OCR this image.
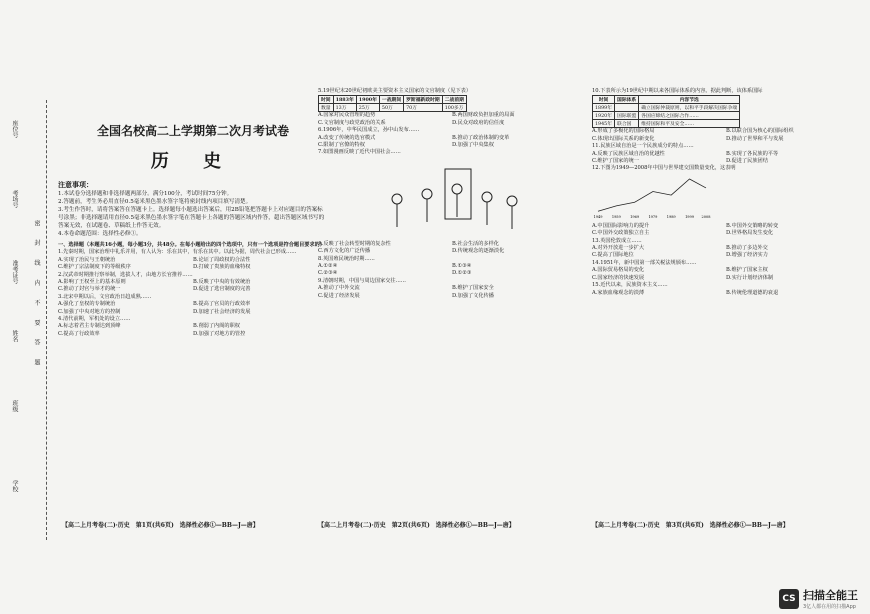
学校
班级
姓名
准考证号
考场号
座位号
密 封 线 内 不 要 答 题
全国名校高二上学期第二次月考试卷
历 史
注意事项：
1.本试卷分选择题和非选择题两部分。满分100分，考试时间75分钟。
2.答题前，考生务必用直径0.5毫米黑色墨水签字笔将密封线内项目填写清楚。
3.考生作答时，请将答案答在答题卡上。选择题每小题选出答案后，用2B铅笔把答题卡上对应题目的答案标号涂黑；非选择题请用直径0.5毫米黑色墨水签字笔在答题卡上各题的答题区域内作答，超出答题区域书写的答案无效，在试题卷、草稿纸上作答无效。
4.本卷命题范围：选择性必修①。

一、选择题（本题共16小题，每小题3分，共48分。在每小题给出的四个选项中，只有一个选项是符合题目要求的）

1.先秦时期，国家治理中礼乐并用，有人认为：乐在其中，有乐在其中。以此为据，周代社会已形成……

A.实现了治民与王朝统治	B.论证了周政权的合法性
C.维护了宗法制度下的等级秩序	D.打破了贵族的血缘特权

2.汉武帝时期推行察举制，选拔人才，由地方长官推荐……

A.影响了王权至上的基本原则	B.反映了中央的有效统治
C.推动了封官与举才的统一	D.促进了选官制度的完善

3.北宋中期以后，文官政治日趋成熟……

A.强化了皇权的专制统治	B.提高了官员的行政效率
C.加强了中央对地方的控制	D.加速了社会经济的发展

4.清代前期，军机处的设立……

A.标志着君主专制达到顶峰	B.削弱了内阁的职权
C.提高了行政效率	D.加强了对地方的管控

5.19世纪末20世纪初欧美主要资本主义国家的文官制度（见下表）

时间	1883年	1900年	一战期间	罗斯福新政时期	二战前期
数量	13万	25万	50万	70万	100多万
A.国家对民众管理的趋势	B.两国财政负担加重的局面
C.文官制度与政党政治的关系	D.民众对政府的信任度

6.1906年，中华民国成立，孙中山发布……

A.改变了传统的选官模式	B.推动了政治体制的变革
C.限制了官僚的特权	D.加强了中央集权

7.如图漫画反映了近代中国社会……

A.反映了社会转型时期的复杂性	B.社会生活的多样化
C.西方文化的广泛传播	D.传统观念的逐渐淡化

8.英国殖民统治时期……

A.①②④	B.①③④
C.②③④	D.①②③

9.清朝时期，中国与周边国家交往……

A.推动了中外交流	B.维护了国家安全
C.促进了经济发展	D.加强了文化传播

10.下表所示为19世纪中期以来各国际体系的内容。据此判断，该体系国际

时间	国际体系	内容节选
1899年		确立国际仲裁原则，以和平手段解决国际争端
1920年	国际联盟	各国应缔结之国际合作……
1945年	联合国	维持国际和平及安全……
A.形成了多极化的国际格局	B.以联合国为核心的国际组织
C.体现出国际关系的新变化	D.推动了世界和平与发展

11.民族区域自治是一个民族成分的特点……

A.反映了民族区域自治的优越性	B.实现了各民族的平等
C.维护了国家的统一	D.促进了民族团结

12.下图为1949—2008年中国与世界建交国数量变化，这表明

1949	1959	1969	1979	1989	1999 2008
A.中国国际影响力的提升	B.中国外交策略的转变
C.中国外交政策独立自主	D.世界格局发生变化

13.英国伦敦成立……

A.对外开放进一步扩大	B.推动了多边外交
C.提高了国际地位	D.增强了经济实力

14.1951年，新中国第一部关税法规颁布……

A.国际贸易格局的变化	B.维护了国家主权
C.国家经济的快速发展	D.实行计划经济体制

15.近代以来，民族资本主义……

A.家族血缘观念的淡薄	B.传统伦理道德的衰退
【高二上月考卷(二)·历史　第1页(共6页)　选择性必修①—BB—J—唐】	【高二上月考卷(二)·历史　第2页(共6页)　选择性必修①—BB—J—唐】	【高二上月考卷(二)·历史　第3页(共6页)　选择性必修①—BB—J—唐】
CS 扫描全能王
3亿人都在用的扫描App
